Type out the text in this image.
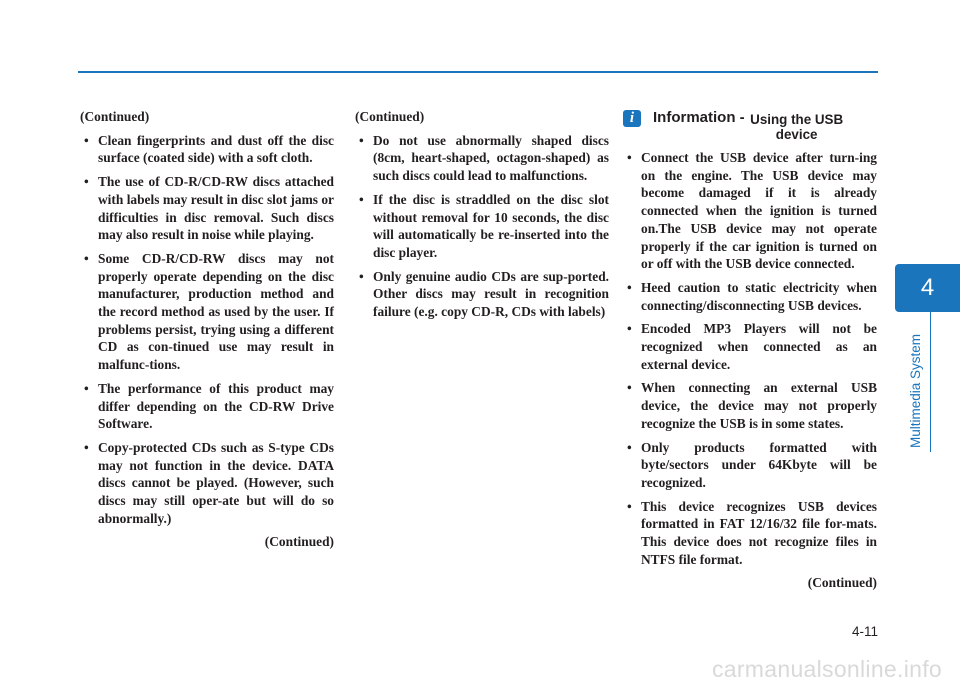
(Continued)

• Clean fingerprints and dust off the disc surface (coated side) with a soft cloth.
• The use of CD-R/CD-RW discs attached with labels may result in disc slot jams or difficulties in disc removal. Such discs may also result in noise while playing.
• Some CD-R/CD-RW discs may not properly operate depending on the disc manufacturer, production method and the record method as used by the user. If problems persist, trying using a different CD as con-tinued use may result in malfunc-tions.
• The performance of this product may differ depending on the CD-RW Drive Software.
• Copy-protected CDs such as S-type CDs may not function in the device. DATA discs cannot be played. (However, such discs may still oper-ate but will do so abnormally.)

(Continued)

(Continued)

• Do not use abnormally shaped discs (8cm, heart-shaped, octagon-shaped) as such discs could lead to malfunctions.
• If the disc is straddled on the disc slot without removal for 10 seconds, the disc will automatically be re-inserted into the disc player.
• Only genuine audio CDs are sup-ported. Other discs may result in recognition failure (e.g. copy CD-R, CDs with labels)
i	Information - Using the USB device
• Connect the USB device after turn-ing on the engine. The USB device may become damaged if it is already connected when the ignition is turned on.The USB device may not operate properly if the car ignition is turned on or off with the USB device connected.
• Heed caution to static electricity when connecting/disconnecting USB devices.
• Encoded MP3 Players will not be recognized when connected as an external device.
• When connecting an external USB device, the device may not properly recognize the USB is in some states.
• Only products formatted with byte/sectors under 64Kbyte will be recognized.
• This device recognizes USB devices formatted in FAT 12/16/32 file for-mats. This device does not recognize files in NTFS file format.

(Continued)

4
Multimedia System
4-11
carmanualsonline.info
